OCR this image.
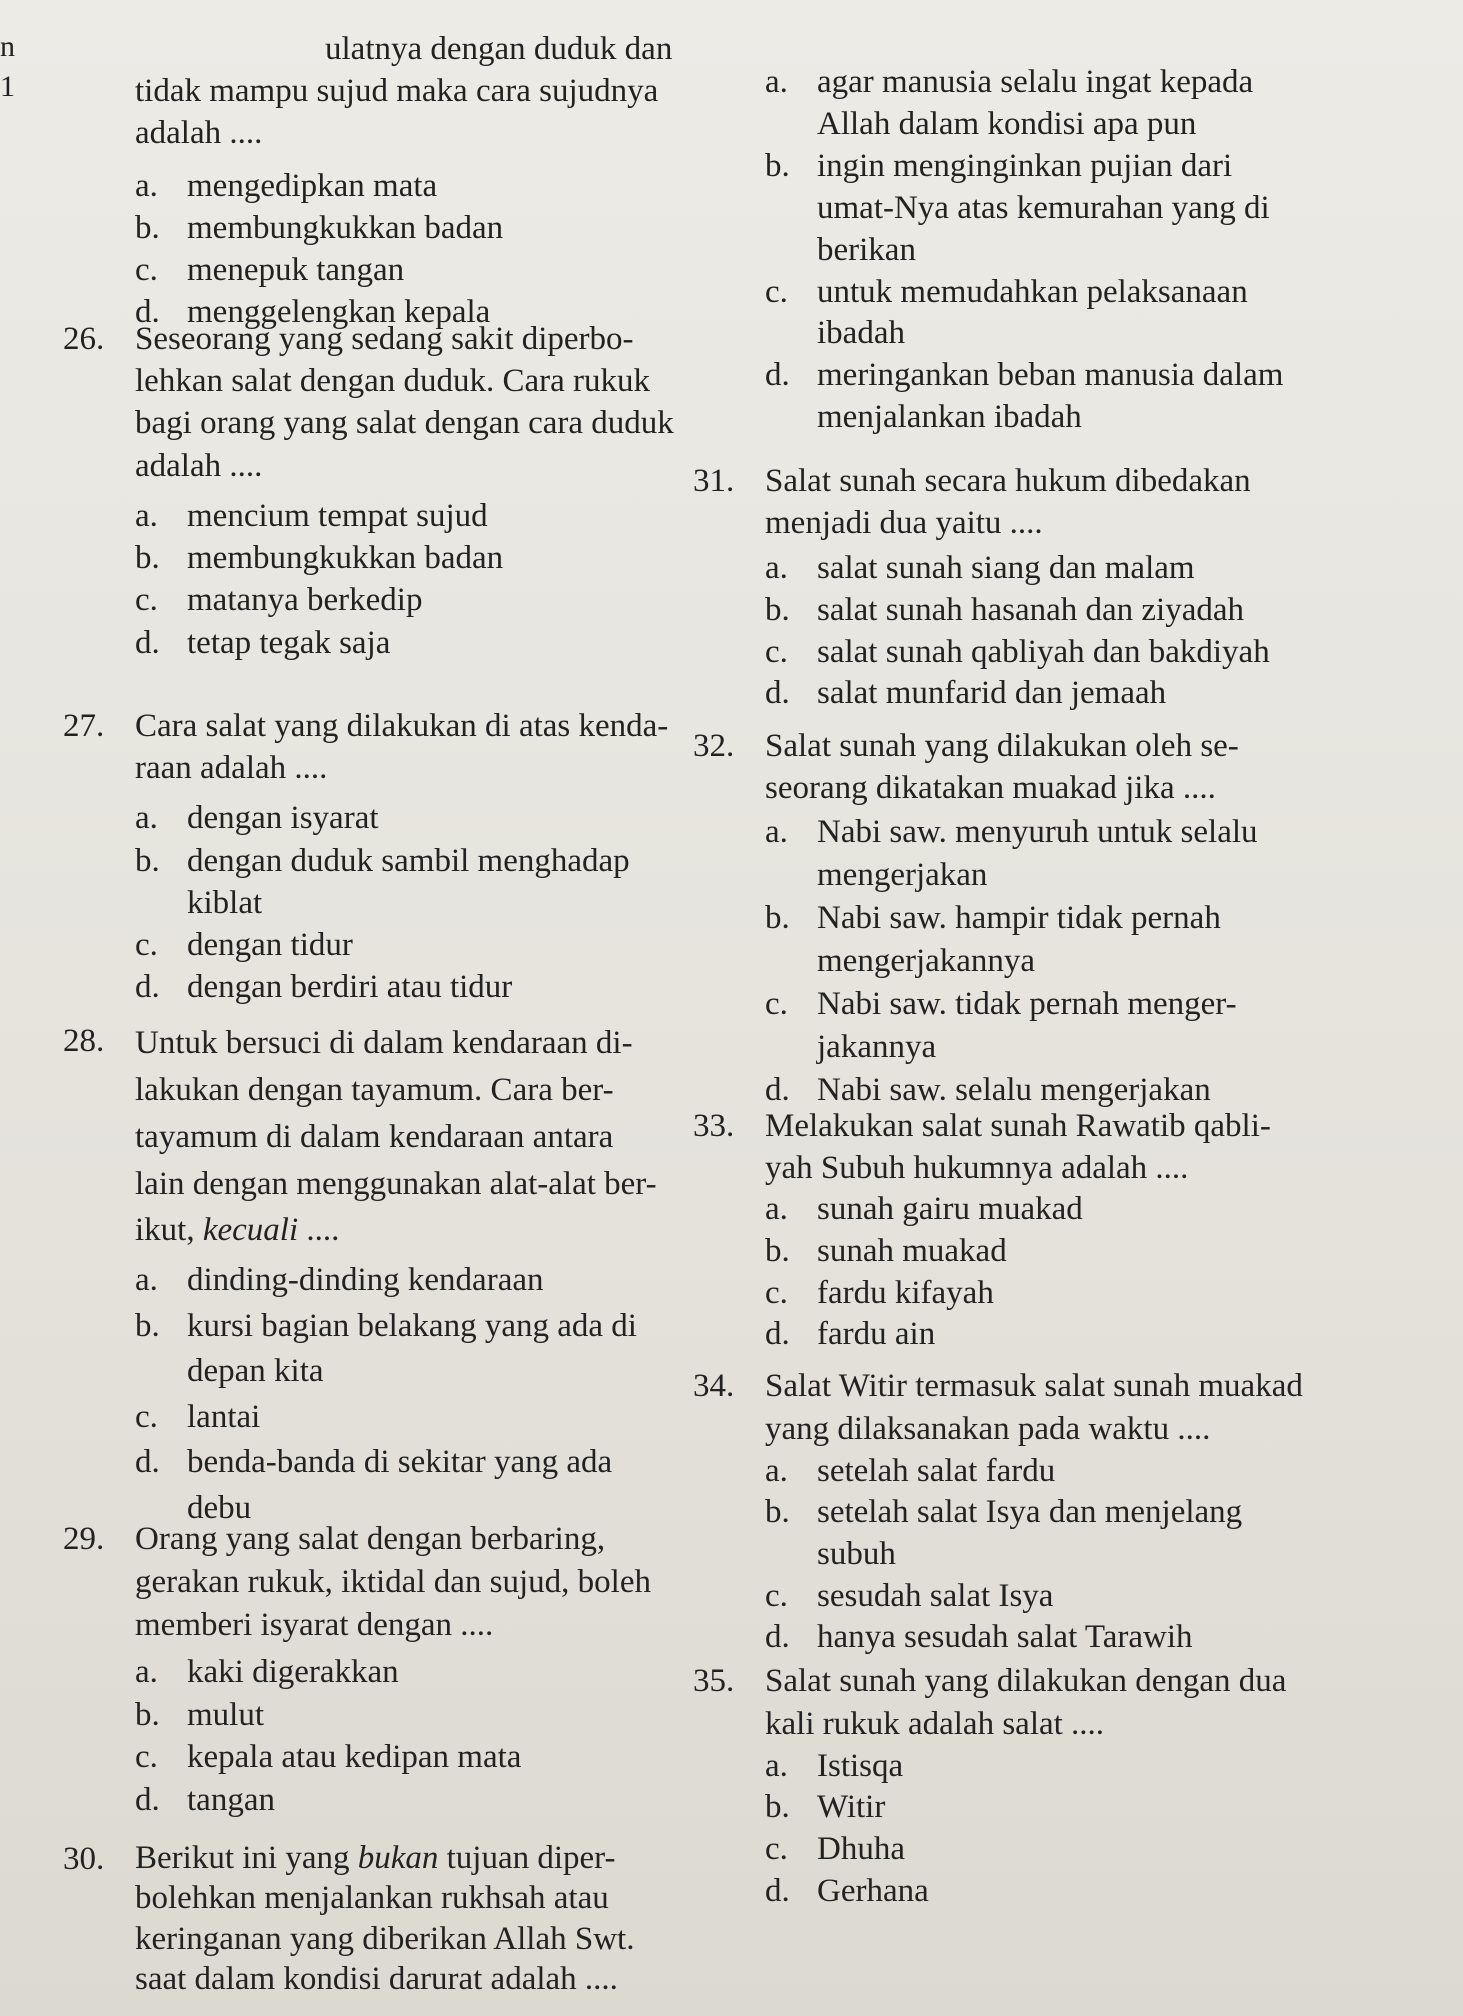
n
1
ulatnya dengan duduk dan
tidak mampu sujud maka cara sujudnya
adalah ....
a. mengedipkan mata
b. membungkukkan badan
c. menepuk tangan
d. menggelengkan kepala
26. Seseorang yang sedang sakit diperbo-
lehkan salat dengan duduk. Cara rukuk
bagi orang yang salat dengan cara duduk
adalah ....
a. mencium tempat sujud
b. membungkukkan badan
c. matanya berkedip
d. tetap tegak saja
27. Cara salat yang dilakukan di atas kenda-
raan adalah ....
a. dengan isyarat
b. dengan duduk sambil menghadap
kiblat
c. dengan tidur
d. dengan berdiri atau tidur
28. Untuk bersuci di dalam kendaraan di-
lakukan dengan tayamum. Cara ber-
tayamum di dalam kendaraan antara
lain dengan menggunakan alat-alat ber-
ikut, kecuali ....
a. dinding-dinding kendaraan
b. kursi bagian belakang yang ada di
depan kita
c. lantai
d. benda-banda di sekitar yang ada
debu
29. Orang yang salat dengan berbaring,
gerakan rukuk, iktidal dan sujud, boleh
memberi isyarat dengan ....
a. kaki digerakkan
b. mulut
c. kepala atau kedipan mata
d. tangan
30. Berikut ini yang bukan tujuan diper-
bolehkan menjalankan rukhsah atau
keringanan yang diberikan Allah Swt.
saat dalam kondisi darurat adalah ....
a. agar manusia selalu ingat kepada
Allah dalam kondisi apa pun
b. ingin menginginkan pujian dari
umat-Nya atas kemurahan yang di
berikan
c. untuk memudahkan pelaksanaan
ibadah
d. meringankan beban manusia dalam
menjalankan ibadah
31. Salat sunah secara hukum dibedakan
menjadi dua yaitu ....
a. salat sunah siang dan malam
b. salat sunah hasanah dan ziyadah
c. salat sunah qabliyah dan bakdiyah
d. salat munfarid dan jemaah
32. Salat sunah yang dilakukan oleh se-
seorang dikatakan muakad jika ....
a. Nabi saw. menyuruh untuk selalu
mengerjakan
b. Nabi saw. hampir tidak pernah
mengerjakannya
c. Nabi saw. tidak pernah menger-
jakannya
d. Nabi saw. selalu mengerjakan
33. Melakukan salat sunah Rawatib qabli-
yah Subuh hukumnya adalah ....
a. sunah gairu muakad
b. sunah muakad
c. fardu kifayah
d. fardu ain
34. Salat Witir termasuk salat sunah muakad
yang dilaksanakan pada waktu ....
a. setelah salat fardu
b. setelah salat Isya dan menjelang
subuh
c. sesudah salat Isya
d. hanya sesudah salat Tarawih
35. Salat sunah yang dilakukan dengan dua
kali rukuk adalah salat ....
a. Istisqa
b. Witir
c. Dhuha
d. Gerhana
